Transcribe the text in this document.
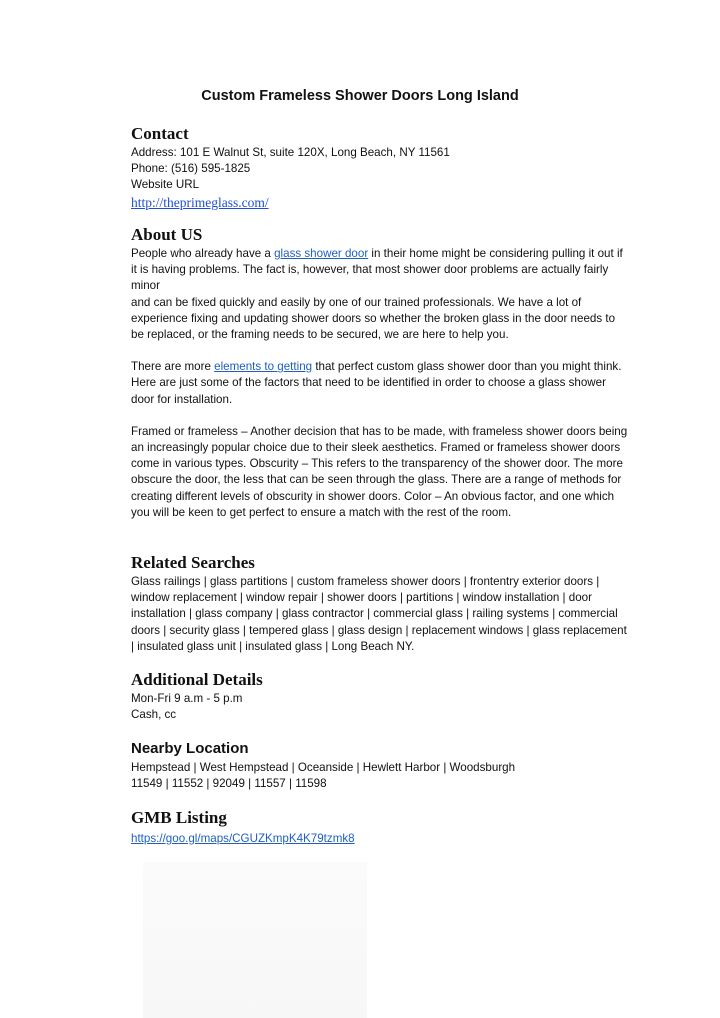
Custom Frameless Shower Doors Long Island
Contact

Address: 101 E Walnut St, suite 120X, Long Beach, NY 11561

Phone: (516) 595-1825

Website URL

http://theprimeglass.com/
About US

People who already have a glass shower door in their home might be considering pulling it out if it is having problems. The fact is, however, that most shower door problems are actually fairly minor

and can be fixed quickly and easily by one of our trained professionals. We have a lot of experience fixing and updating shower doors so whether the broken glass in the door needs to be replaced, or the framing needs to be secured, we are here to help you.

There are more elements to getting that perfect custom glass shower door than you might think. Here are just some of the factors that need to be identified in order to choose a glass shower door for installation.

Framed or frameless – Another decision that has to be made, with frameless shower doors being an increasingly popular choice due to their sleek aesthetics. Framed or frameless shower doors come in various types. Obscurity – This refers to the transparency of the shower door. The more obscure the door, the less that can be seen through the glass. There are a range of methods for creating different levels of obscurity in shower doors. Color – An obvious factor, and one which you will be keen to get perfect to ensure a match with the rest of the room.

Related Searches

Glass railings | glass partitions | custom frameless shower doors | frontentry exterior doors | window replacement | window repair | shower doors | partitions | window installation | door installation | glass company | glass contractor | commercial glass | railing systems | commercial doors | security glass | tempered glass | glass design | replacement windows | glass replacement | insulated glass unit | insulated glass | Long Beach NY.

Additional Details

Mon-Fri 9 a.m - 5 p.m

Cash, cc

Nearby Location

Hempstead | West Hempstead | Oceanside | Hewlett Harbor | Woodsburgh

11549 | 11552 | 92049 | 11557 | 11598

GMB Listing
https://goo.gl/maps/CGUZKmpK4K79tzmk8
